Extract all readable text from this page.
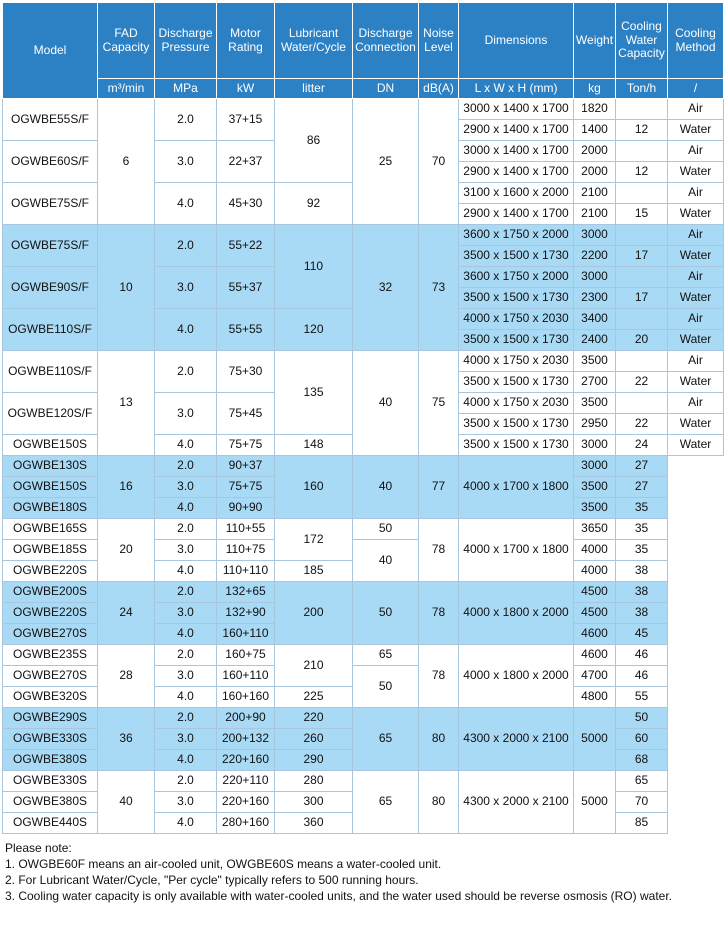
Model	FAD Capacity	Discharge Pressure	Motor Rating	Lubricant Water/Cycle	Discharge Connection	Noise Level	Dimensions	Weight	Cooling Water Capacity	Cooling Method
	m³/min	MPa	kW	litter	DN	dB(A)	L x W x H (mm)	kg	Ton/h	/
OGWBE55S/F	6	2.0	37+15	86	25	70	3000 x 1400 x 1700	1820		Air
							2900 x 1400 x 1700	1400	12	Water
OGWBE60S/F		3.0	22+37				3000 x 1400 x 1700	2000		Air
							2900 x 1400 x 1700	2000	12	Water
OGWBE75S/F		4.0	45+30	92			3100 x 1600 x 2000	2100		Air
							2900 x 1400 x 1700	2100	15	Water
OGWBE75S/F	10	2.0	55+22	110	32	73	3600 x 1750 x 2000	3000		Air
							3500 x 1500 x 1730	2200	17	Water
OGWBE90S/F		3.0	55+37				3600 x 1750 x 2000	3000		Air
							3500 x 1500 x 1730	2300	17	Water
OGWBE110S/F		4.0	55+55	120			4000 x 1750 x 2030	3400		Air
							3500 x 1500 x 1730	2400	20	Water
OGWBE110S/F	13	2.0	75+30	135	40	75	4000 x 1750 x 2030	3500		Air
							3500 x 1500 x 1730	2700	22	Water
OGWBE120S/F		3.0	75+45				4000 x 1750 x 2030	3500		Air
							3500 x 1500 x 1730	2950	22	Water
OGWBE150S		4.0	75+75	148			3500 x 1500 x 1730	3000	24	Water
OGWBE130S	16	2.0	90+37	160	40	77	4000 x 1700 x 1800	3000	27	
OGWBE150S		3.0	75+75					3500	27	
OGWBE180S		4.0	90+90					3500	35	
OGWBE165S	20	2.0	110+55	172	50	78	4000 x 1700 x 1800	3650	35	
OGWBE185S		3.0	110+75		40			4000	35	
OGWBE220S		4.0	110+110	185				4000	38	
OGWBE200S	24	2.0	132+65	200	50	78	4000 x 1800 x 2000	4500	38	
OGWBE220S		3.0	132+90					4500	38	
OGWBE270S		4.0	160+110					4600	45	
OGWBE235S	28	2.0	160+75	210	65	78	4000 x 1800 x 2000	4600	46	
OGWBE270S		3.0	160+110		50			4700	46	
OGWBE320S		4.0	160+160	225				4800	55	
OGWBE290S	36	2.0	200+90	220	65	80	4300 x 2000 x 2100	5000	50	
OGWBE330S		3.0	200+132	260					60	
OGWBE380S		4.0	220+160	290					68	
OGWBE330S	40	2.0	220+110	280	65	80	4300 x 2000 x 2100	5000	65	
OGWBE380S		3.0	220+160	300					70	
OGWBE440S		4.0	280+160	360					85	
Please note:
1. OWGBE60F means an air-cooled unit, OWGBE60S means a water-cooled unit.
2. For Lubricant Water/Cycle, "Per cycle" typically refers to 500 running hours.
3. Cooling water capacity is only available with water-cooled units, and the water used should be reverse osmosis (RO) water.
